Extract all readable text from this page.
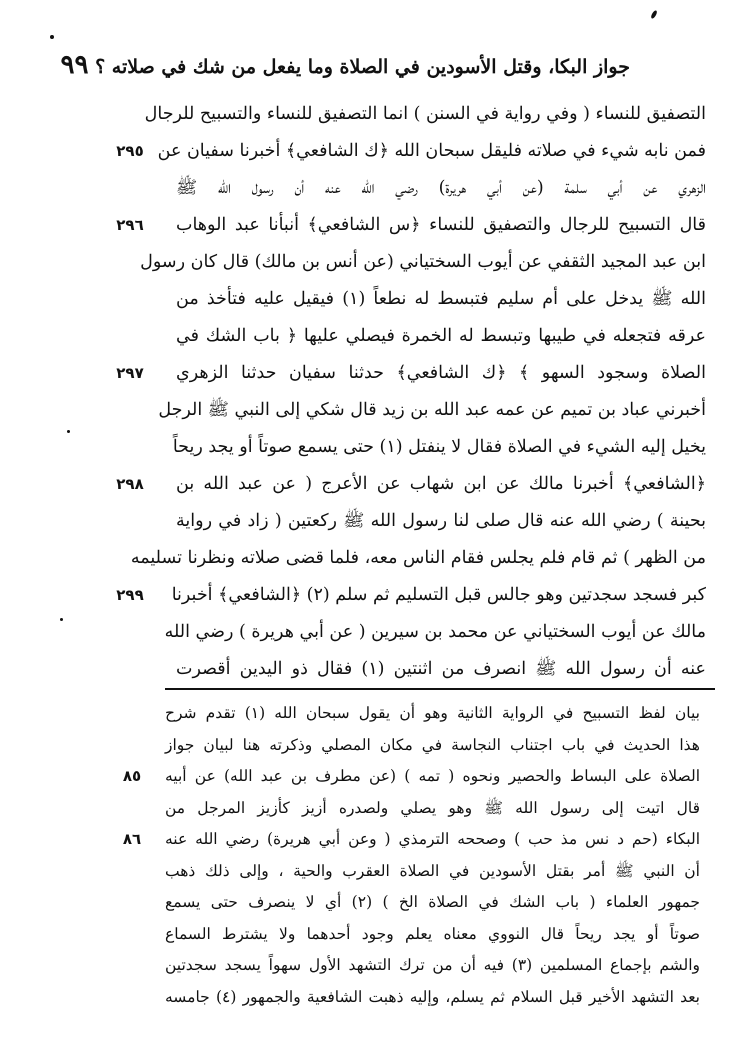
جواز البكا، وقتل الأسودين في الصلاة وما يفعل من شك في صلاته ؟ ٩٩
التصفيق للنساء ( وفي رواية في السنن ) انما التصفيق للنساء والتسبيح للرجال
فمن نابه شيء في صلاته فليقل سبحان الله ﴿ك الشافعي﴾ أخبرنا سفيان عن
الزهري عن أبي سلمة (عن أبي هريرة) رضي الله عنه أن رسول الله ﷺ
قال التسبيح للرجال والتصفيق للنساء ﴿س الشافعي﴾ أنبأنا عبد الوهاب
ابن عبد المجيد الثقفي عن أيوب السختياني (عن أنس بن مالك) قال كان رسول
الله ﷺ يدخل على أم سليم فتبسط له نطعاً (١) فيقيل عليه فتأخذ من
عرقه فتجعله في طيبها وتبسط له الخمرة فيصلي عليها ﴿ باب الشك في
الصلاة وسجود السهو ﴾ ﴿ك الشافعي﴾ حدثنا سفيان حدثنا الزهري
أخبرني عباد بن تميم عن عمه عبد الله بن زيد قال شكي إلى النبي ﷺ الرجل
يخيل إليه الشيء في الصلاة فقال لا ينفتل (١) حتى يسمع صوتاً أو يجد ريحاً
﴿الشافعي﴾ أخبرنا مالك عن ابن شهاب عن الأعرج ( عن عبد الله بن
بحينة ) رضي الله عنه قال صلى لنا رسول الله ﷺ ركعتين ( زاد في رواية
من الظهر ) ثم قام فلم يجلس فقام الناس معه، فلما قضى صلاته ونظرنا تسليمه
كبر فسجد سجدتين وهو جالس قبل التسليم ثم سلم (٢) ﴿الشافعي﴾ أخبرنا
مالك عن أيوب السختياني عن محمد بن سيرين ( عن أبي هريرة ) رضي الله
عنه أن رسول الله ﷺ انصرف من اثنتين (١) فقال ذو اليدين أقصرت
٢٩٥
٢٩٦
٢٩٧
٢٩٨
٢٩٩
بيان لفظ التسبيح في الرواية الثانية وهو أن يقول سبحان الله (١) تقدم شرح
هذا الحديث في باب اجتناب النجاسة في مكان المصلي وذكرته هنا لبيان جواز
الصلاة على البساط والحصير ونحوه ( تمه ) (عن مطرف بن عبد الله) عن أبيه
قال اتيت إلى رسول الله ﷺ وهو يصلي ولصدره أزيز كأزيز المرجل من
البكاء (حم د نس مذ حب ) وصححه الترمذي ( وعن أبي هريرة) رضي الله عنه
أن النبي ﷺ أمر بقتل الأسودين في الصلاة العقرب والحية ، وإلى ذلك ذهب
جمهور العلماء ( باب الشك في الصلاة الخ ) (٢) أي لا ينصرف حتى يسمع
صوتاً أو يجد ريحاً قال النووي معناه يعلم وجود أحدهما ولا يشترط السماع
والشم بإجماع المسلمين (٣) فيه أن من ترك التشهد الأول سهواً يسجد سجدتين
بعد التشهد الأخير قبل السلام ثم يسلم، وإليه ذهبت الشافعية والجمهور (٤) جامسه
٨٥
٨٦
